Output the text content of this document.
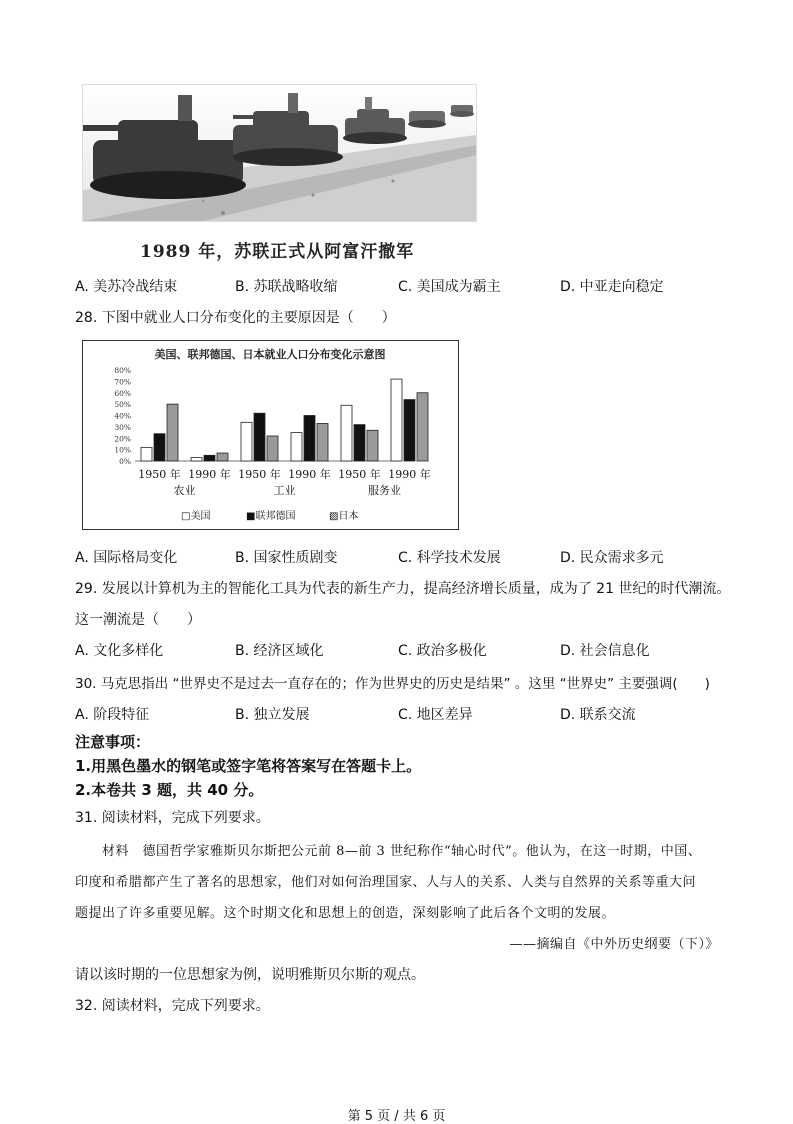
1989 年，苏联正式从阿富汗撤军
A. 美苏冷战结束	B. 苏联战略收缩	C. 美国成为霸主	D. 中亚走向稳定
28. 下图中就业人口分布变化的主要原因是（　　）
美国、联邦德国、日本就业人口分布变化示意图
80%
70%
60%
50%
40%
30%
20%
10%
0%
1950 年 1990 年 1950 年 1990 年 1950 年 1990 年
农业	工业	服务业
□美国	■联邦德国	▨日本
A. 国际格局变化	B. 国家性质剧变	C. 科学技术发展	D. 民众需求多元
29. 发展以计算机为主的智能化工具为代表的新生产力，提高经济增长质量，成为了 21 世纪的时代潮流。
这一潮流是（　　）
A. 文化多样化	B. 经济区域化	C. 政治多极化	D. 社会信息化
30. 马克思指出 “世界史不是过去一直存在的；作为世界史的历史是结果” 。这里 “世界史” 主要强调(　　)
A. 阶段特征	B. 独立发展	C. 地区差异	D. 联系交流
注意事项：
1.用黑色墨水的钢笔或签字笔将答案写在答题卡上。
2.本卷共 3 题，共 40 分。
31. 阅读材料，完成下列要求。
材料　德国哲学家雅斯贝尔斯把公元前 8—前 3 世纪称作“轴心时代”。他认为，在这一时期，中国、
印度和希腊都产生了著名的思想家，他们对如何治理国家、人与人的关系、人类与自然界的关系等重大问
题提出了许多重要见解。这个时期文化和思想上的创造，深刻影响了此后各个文明的发展。
——摘编自《中外历史纲要（下）》
请以该时期的一位思想家为例，说明雅斯贝尔斯的观点。
32. 阅读材料，完成下列要求。
第 5 页 / 共 6 页
